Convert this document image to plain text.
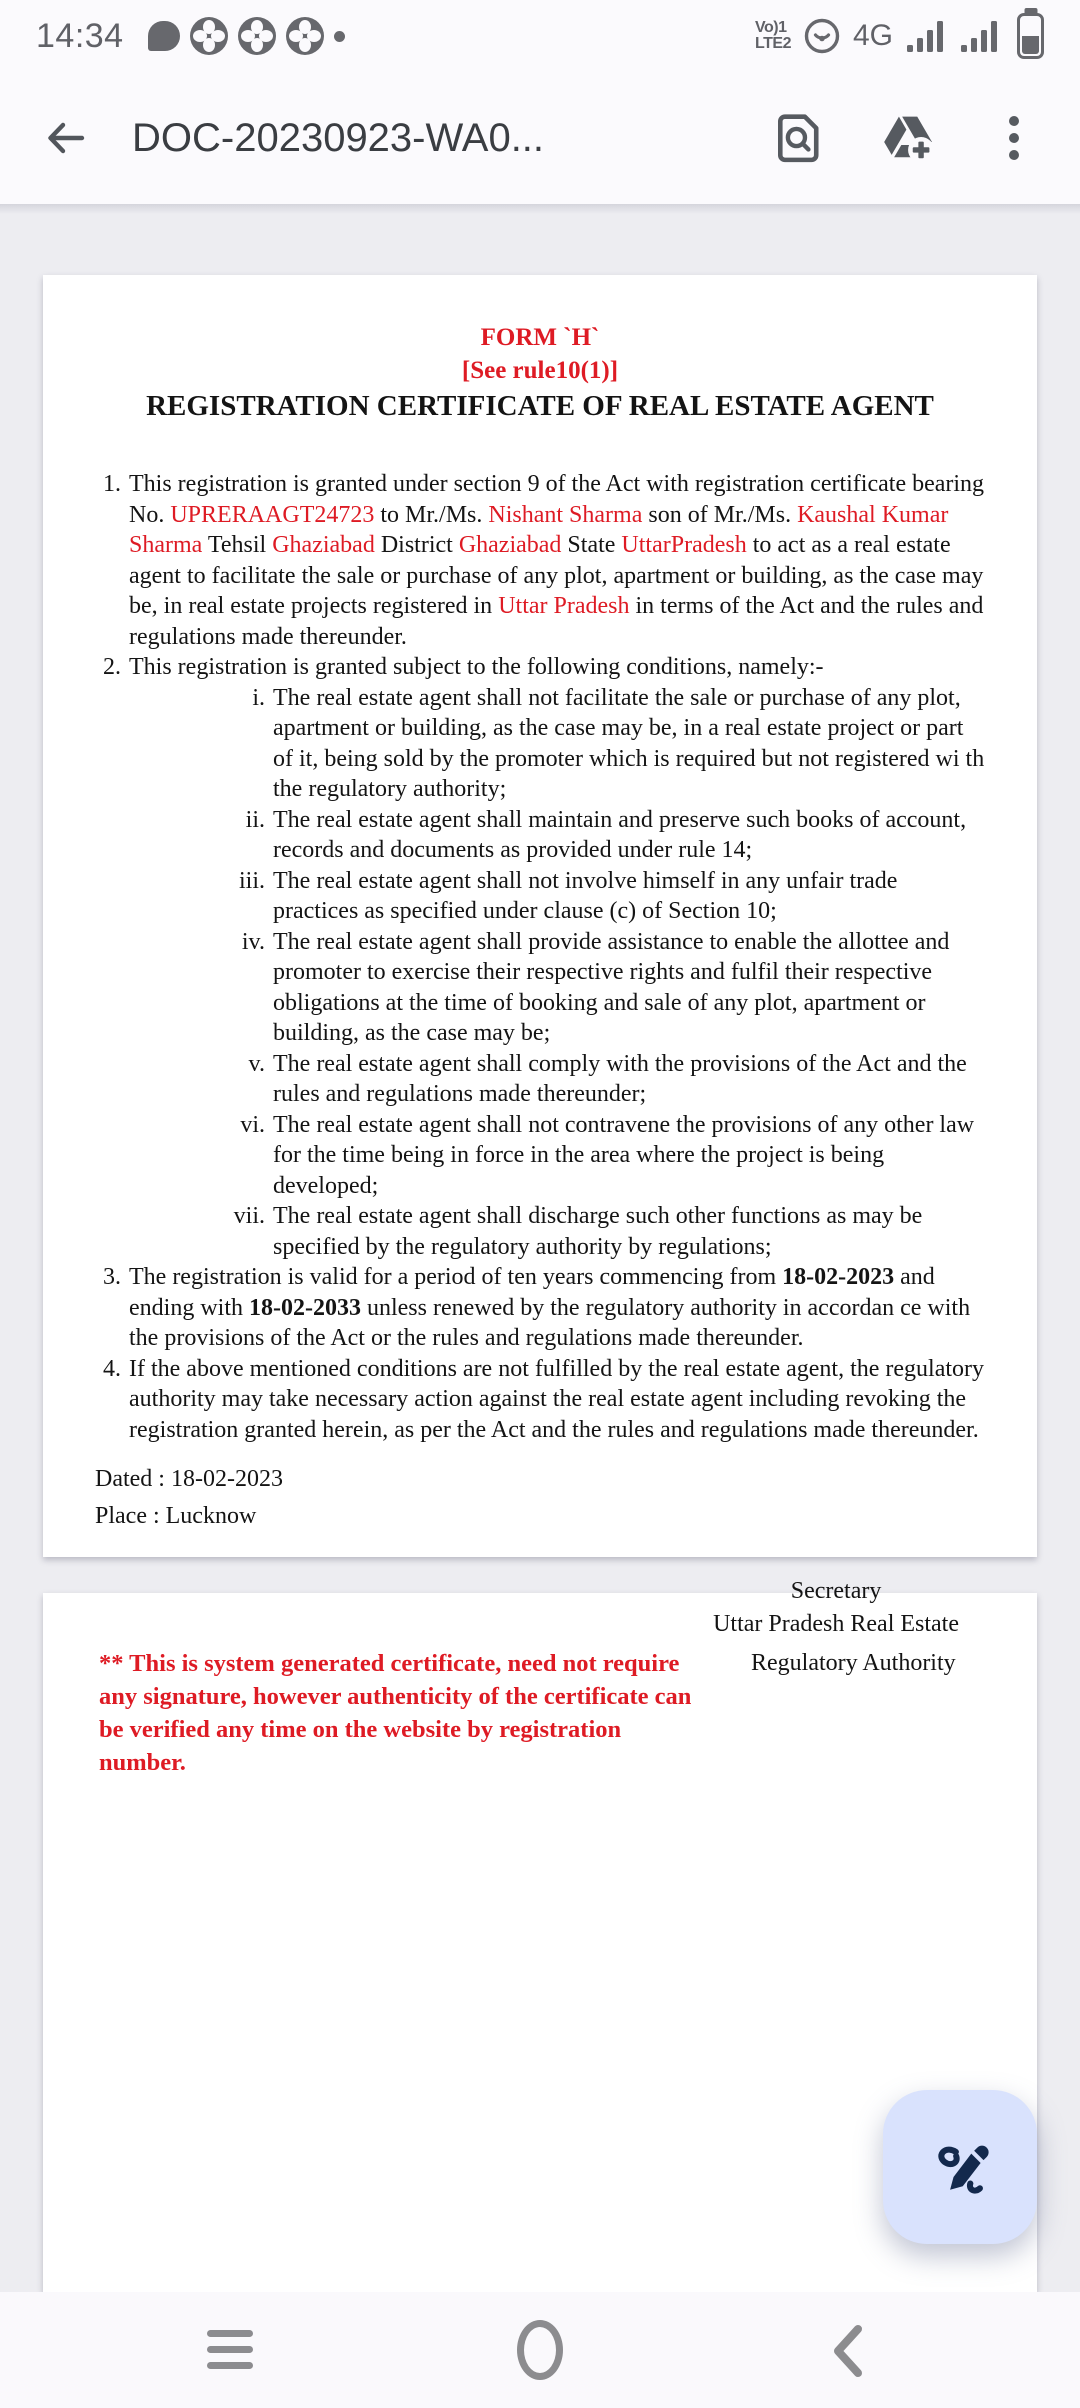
14:34	Vo)1
LTE2 4G
DOC-20230923-WA0...
FORM `H`
[See rule10(1)]
REGISTRATION CERTIFICATE OF REAL ESTATE AGENT
1. This registration is granted under section 9 of the Act with registration certificate bearing No. UPRERAAGT24723 to Mr./Ms. Nishant Sharma son of Mr./Ms. Kaushal Kumar Sharma Tehsil Ghaziabad District Ghaziabad State UttarPradesh to act as a real estate agent to facilitate the sale or purchase of any plot, apartment or building, as the case may be, in real estate projects registered in Uttar Pradesh in terms of the Act and the rules and regulations made thereunder.
2. This registration is granted subject to the following conditions, namely:-
i. The real estate agent shall not facilitate the sale or purchase of any plot, apartment or building, as the case may be, in a real estate project or part of it, being sold by the promoter which is required but not registered wi th the regulatory authority;
ii. The real estate agent shall maintain and preserve such books of account, records and documents as provided under rule 14;
iii. The real estate agent shall not involve himself in any unfair trade practices as specified under clause (c) of Section 10;
iv. The real estate agent shall provide assistance to enable the allottee and promoter to exercise their respective rights and fulfil their respective obligations at the time of booking and sale of any plot, apartment or building, as the case may be;
v. The real estate agent shall comply with the provisions of the Act and the rules and regulations made thereunder;
vi. The real estate agent shall not contravene the provisions of any other law for the time being in force in the area where the project is being developed;
vii. The real estate agent shall discharge such other functions as may be specified by the regulatory authority by regulations;
3. The registration is valid for a period of ten years commencing from 18-02-2023 and ending with 18-02-2033 unless renewed by the regulatory authority in accordan ce with the provisions of the Act or the rules and regulations made thereunder.
4. If the above mentioned conditions are not fulfilled by the real estate agent, the regulatory authority may take necessary action against the real estate agent including revoking the registration granted herein, as per the Act and the rules and regulations made thereunder.
Dated : 18-02-2023
Place : Lucknow
Secretary
Uttar Pradesh Real Estate
** This is system generated certificate, need not require any signature, however authenticity of the certificate can be verified any time on the website by registration number.
Regulatory Authority
